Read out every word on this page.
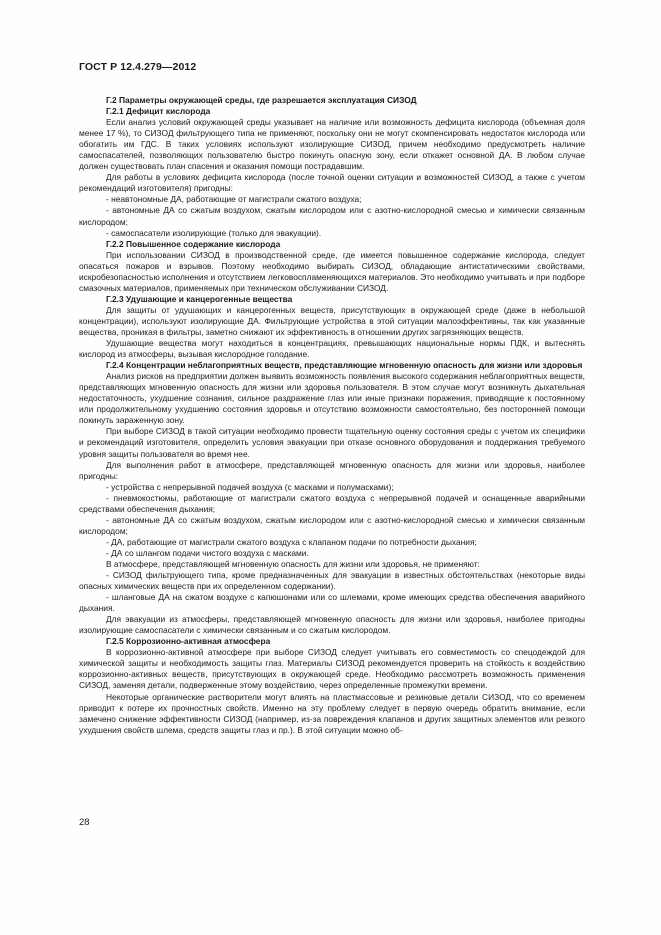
ГОСТ Р 12.4.279—2012

Г.2 Параметры окружающей среды, где разрешается эксплуатация СИЗОД

Г.2.1 Дефицит кислорода

Если анализ условий окружающей среды указывает на наличие или возможность дефицита кислорода (объемная доля менее 17 %), то СИЗОД фильтрующего типа не применяют, поскольку они не могут скомпенсировать недостаток кислорода или обогатить им ГДС. В таких условиях используют изолирующие СИЗОД, причем необходимо предусмотреть наличие самоспасателей, позволяющих пользователю быстро покинуть опасную зону, если откажет основной ДА. В любом случае должен существовать план спасения и оказания помощи пострадавшим.

Для работы в условиях дефицита кислорода (после точной оценки ситуации и возможностей СИЗОД, а также с учетом рекомендаций изготовителя) пригодны:

- неавтономные ДА, работающие от магистрали сжатого воздуха;

- автономные ДА со сжатым воздухом, сжатым кислородом или с азотно-кислородной смесью и химически связанным кислородом;

- самоспасатели изолирующие (только для эвакуации).

Г.2.2 Повышенное содержание кислорода

При использовании СИЗОД в производственной среде, где имеется повышенное содержание кислорода, следует опасаться пожаров и взрывов. Поэтому необходимо выбирать СИЗОД, обладающие антистатическими свойствами, искробезопасностью исполнения и отсутствием легковоспламеняющихся материалов. Это необходимо учитывать и при подборе смазочных материалов, применяемых при техническом обслуживании СИЗОД.

Г.2.3 Удушающие и канцерогенные вещества

Для защиты от удушающих и канцерогенных веществ, присутствующих в окружающей среде (даже в небольшой концентрации), используют изолирующие ДА. Фильтрующие устройства в этой ситуации малоэффективны, так как указанные вещества, проникая в фильтры, заметно снижают их эффективность в отношении других загрязняющих веществ.

Удушающие вещества могут находиться в концентрациях, превышающих национальные нормы ПДК, и вытеснять кислород из атмосферы, вызывая кислородное голодание.

Г.2.4 Концентрации неблагоприятных веществ, представляющие мгновенную опасность для жизни или здоровья

Анализ рисков на предприятии должен выявить возможность появления высокого содержания неблагоприятных веществ, представляющих мгновенную опасность для жизни или здоровья пользователя. В этом случае могут возникнуть дыхательная недостаточность, ухудшение сознания, сильное раздражение глаз или иные признаки поражения, приводящие к постоянному или продолжительному ухудшению состояния здоровья и отсутствию возможности самостоятельно, без посторонней помощи покинуть зараженную зону.

При выборе СИЗОД в такой ситуации необходимо провести тщательную оценку состояния среды с учетом их специфики и рекомендаций изготовителя, определить условия эвакуации при отказе основного оборудования и поддержания требуемого уровня защиты пользователя во время нее.

Для выполнения работ в атмосфере, представляющей мгновенную опасность для жизни или здоровья, наиболее пригодны:

- устройства с непрерывной подачей воздуха (с масками и полумасками);

- пневмокостюмы, работающие от магистрали сжатого воздуха с непрерывной подачей и оснащенные аварийными средствами обеспечения дыхания;

- автономные ДА со сжатым воздухом, сжатым кислородом или с азотно-кислородной смесью и химически связанным кислородом;

- ДА, работающие от магистрали сжатого воздуха с клапаном подачи по потребности дыхания;

- ДА со шлангом подачи чистого воздуха с масками.

В атмосфере, представляющей мгновенную опасность для жизни или здоровья, не применяют:

- СИЗОД фильтрующего типа, кроме предназначенных для эвакуации в известных обстоятельствах (некоторые виды опасных химических веществ при их определенном содержании).

- шланговые ДА на сжатом воздухе с капюшонами или со шлемами, кроме имеющих средства обеспечения аварийного дыхания.

Для эвакуации из атмосферы, представляющей мгновенную опасность для жизни или здоровья, наиболее пригодны изолирующие самоспасатели с химически связанным и со сжатым кислородом.

Г.2.5 Коррозионно-активная атмосфера

В коррозионно-активной атмосфере при выборе СИЗОД следует учитывать его совместимость со спецодеждой для химической защиты и необходимость защиты глаз. Материалы СИЗОД рекомендуется проверить на стойкость к воздействию коррозионно-активных веществ, присутствующих в окружающей среде. Необходимо рассмотреть возможность применения СИЗОД, заменяя детали, подверженные этому воздействию, через определенные промежутки времени.

Некоторые органические растворители могут влиять на пластмассовые и резиновые детали СИЗОД, что со временем приводит к потере их прочностных свойств. Именно на эту проблему следует в первую очередь обратить внимание, если замечено снижение эффективности СИЗОД (например, из-за повреждения клапанов и других защитных элементов или резкого ухудшения свойств шлема, средств защиты глаз и пр.). В этой ситуации можно об-

28
